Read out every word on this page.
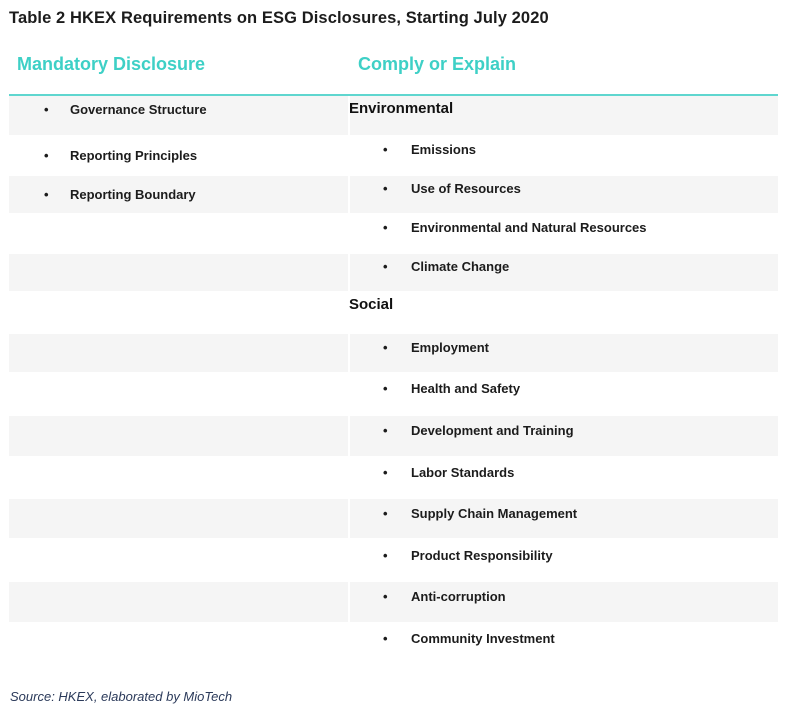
Table 2 HKEX Requirements on ESG Disclosures, Starting July 2020
Mandatory Disclosure	Comply or Explain
• Governance Structure
• Reporting Principles
• Reporting Boundary
Environmental
• Emissions
• Use of Resources
• Environmental and Natural Resources
• Climate Change
Social
• Employment
• Health and Safety
• Development and Training
• Labor Standards
• Supply Chain Management
• Product Responsibility
• Anti-corruption
• Community Investment
Source: HKEX, elaborated by MioTech
